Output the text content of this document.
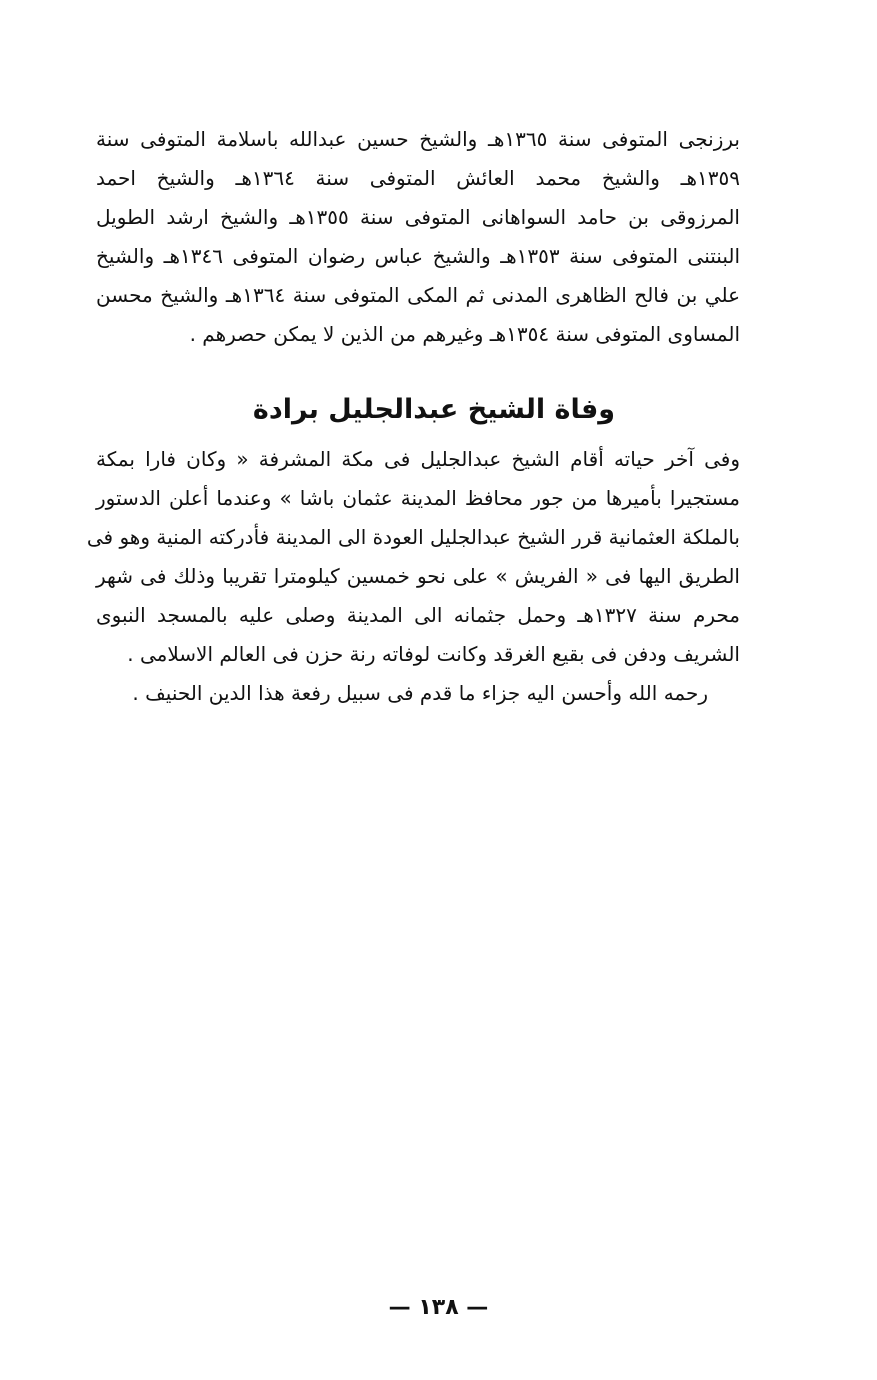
برزنجى المتوفى سنة ١٣٦٥هـ والشيخ حسين عبدالله باسلامة المتوفى سنة
١٣٥٩هـ والشيخ محمد العائش المتوفى سنة ١٣٦٤هـ والشيخ احمد
المرزوقى بن حامد السواهانى المتوفى سنة ١٣٥٥هـ والشيخ ارشد الطويل
البنتنى المتوفى سنة ١٣٥٣هـ والشيخ عباس رضوان المتوفى ١٣٤٦هـ والشيخ
علي بن فالح الظاهرى المدنى ثم المكى المتوفى سنة ١٣٦٤هـ والشيخ محسن
المساوى المتوفى سنة ١٣٥٤هـ وغيرهم من الذين لا يمكن حصرهم .
وفاة الشيخ عبدالجليل برادة
وفى آخر حياته أقام الشيخ عبدالجليل فى مكة المشرفة « وكان فارا بمكة
مستجيرا بأميرها من جور محافظ المدينة عثمان باشا » وعندما أعلن الدستور
بالملكة العثمانية قرر الشيخ عبدالجليل العودة الى المدينة فأدركته المنية وهو فى
الطريق اليها فى « الفريش » على نحو خمسين كيلومترا تقريبا وذلك فى شهر
محرم سنة ١٣٢٧هـ وحمل جثمانه الى المدينة وصلى عليه بالمسجد النبوى
الشريف ودفن فى بقيع الغرقد وكانت لوفاته رنة حزن فى العالم الاسلامى .
رحمه الله وأحسن اليه جزاء ما قدم فى سبيل رفعة هذا الدين الحنيف .
— ١٣٨ —
